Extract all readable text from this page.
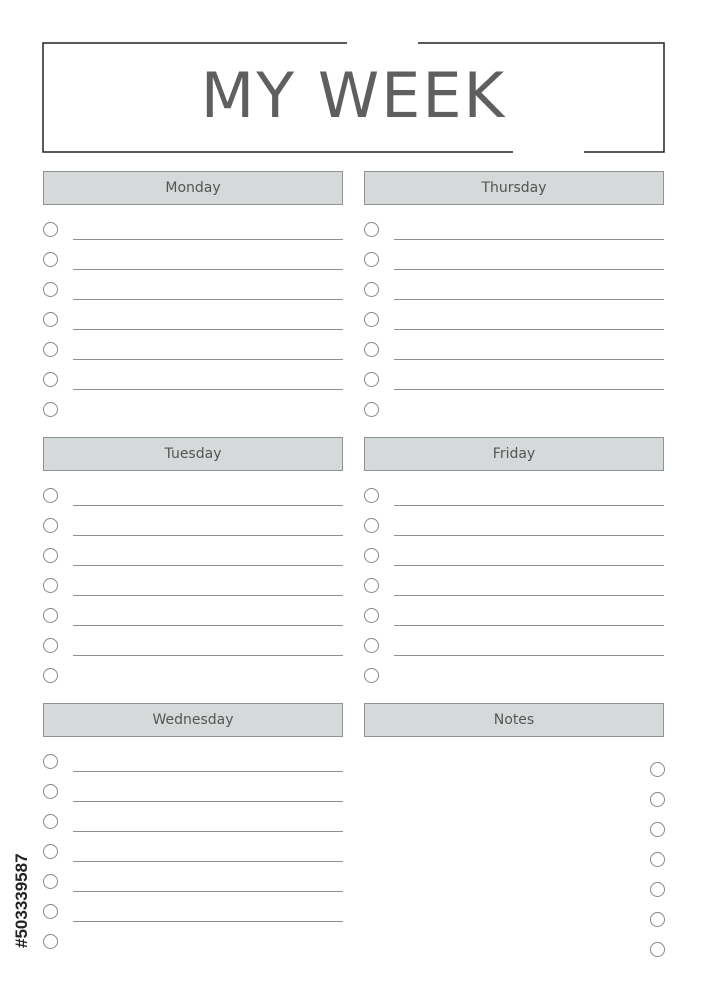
MY WEEK
Monday	Thursday
Tuesday	Friday
Wednesday	Notes
#503339587
